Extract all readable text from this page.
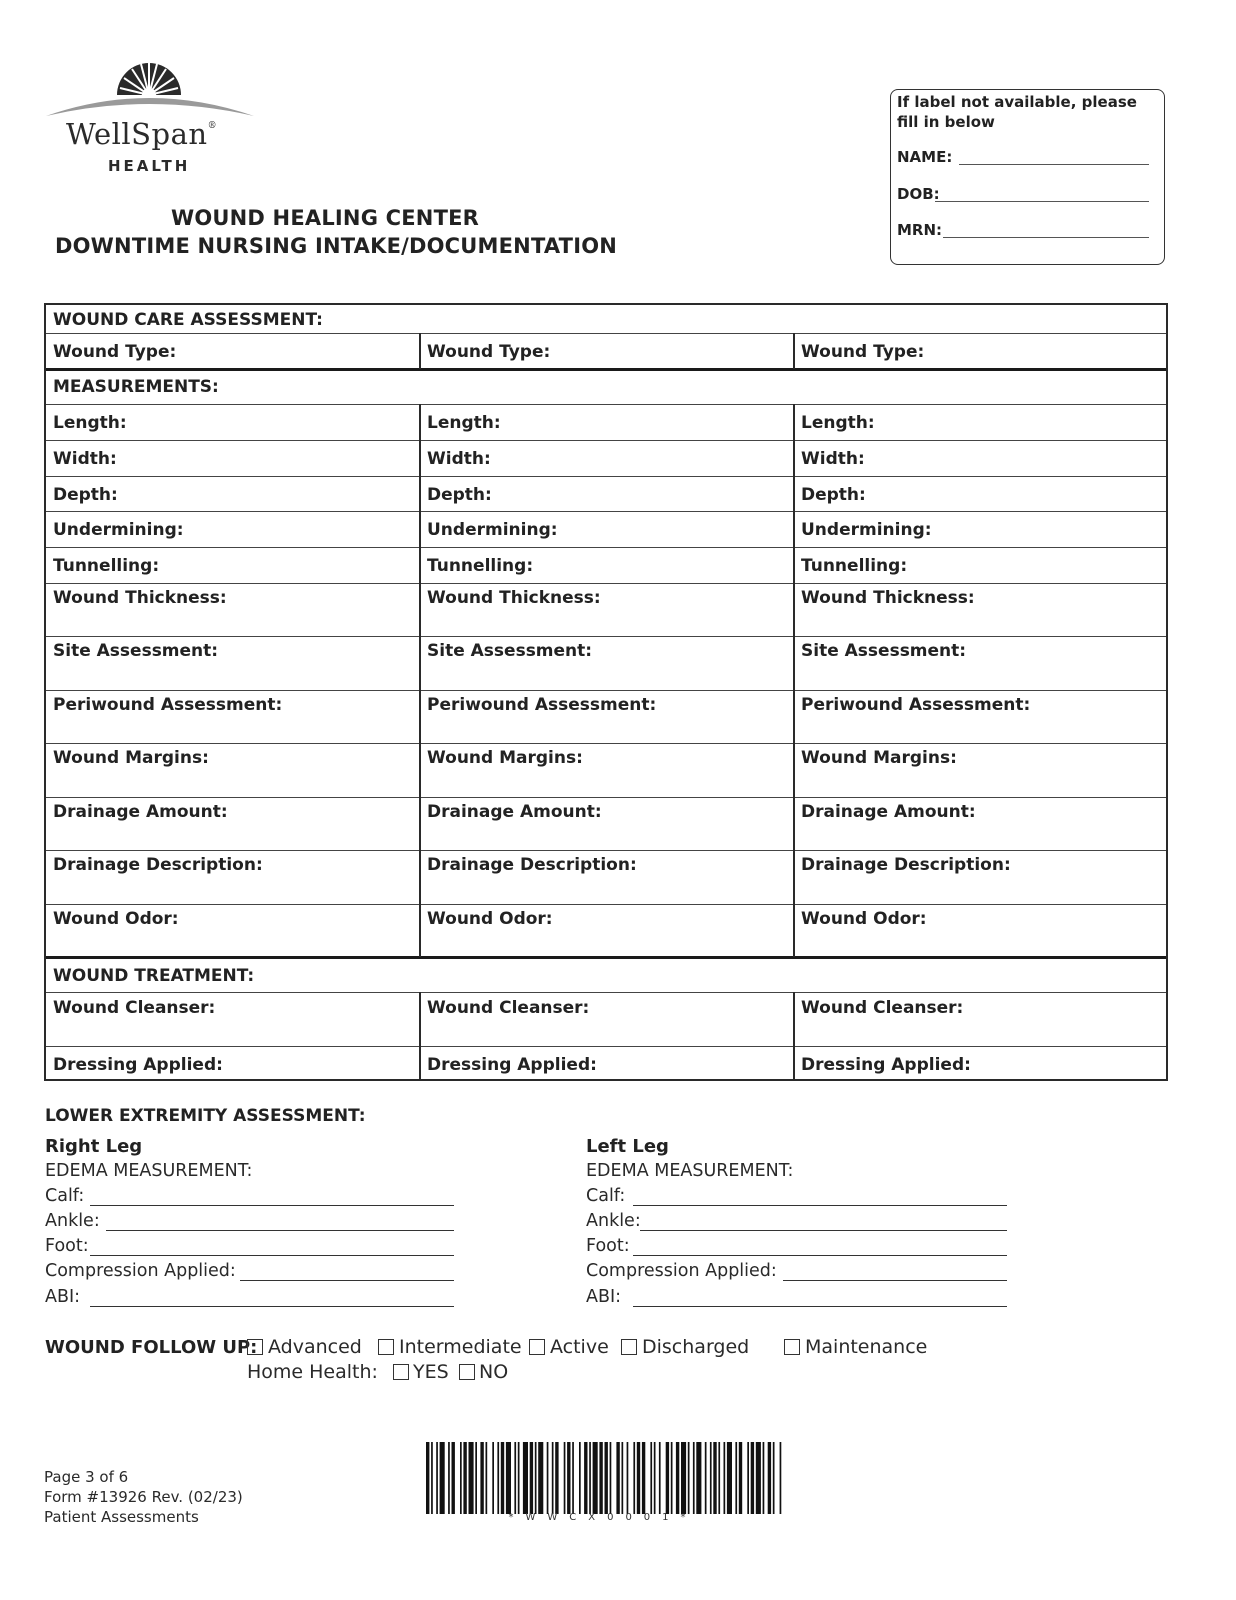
WellSpan®
HEALTH
WOUND HEALING CENTER
DOWNTIME NURSING INTAKE/DOCUMENTATION
If label not available, please fill in below
NAME:
DOB:
MRN:
WOUND CARE ASSESSMENT:
MEASUREMENTS:
WOUND TREATMENT:
Wound Type:	Wound Type:	Wound Type:
Length:	Length:	Length:
Width:	Width:	Width:
Depth:	Depth:	Depth:
Undermining:	Undermining:	Undermining:
Tunnelling:	Tunnelling:	Tunnelling:
Wound Thickness:	Wound Thickness:	Wound Thickness:
Site Assessment:	Site Assessment:	Site Assessment:
Periwound Assessment:	Periwound Assessment:	Periwound Assessment:
Wound Margins:	Wound Margins:	Wound Margins:
Drainage Amount:	Drainage Amount:	Drainage Amount:
Drainage Description:	Drainage Description:	Drainage Description:
Wound Odor:	Wound Odor:	Wound Odor:
Wound Cleanser:	Wound Cleanser:	Wound Cleanser:
Dressing Applied:	Dressing Applied:	Dressing Applied:
LOWER EXTREMITY ASSESSMENT:
Right Leg
EDEMA MEASUREMENT:
Calf:
Ankle:
Foot:
Compression Applied:
ABI:
Left Leg
EDEMA MEASUREMENT:
Calf:
Ankle:
Foot:
Compression Applied:
ABI:
WOUND FOLLOW UP: Advanced Intermediate Active Discharged	Maintenance
Home Health: YES NO
Page 3 of 6
Form #13926 Rev. (02/23)
Patient Assessments	*WWCX0001*
